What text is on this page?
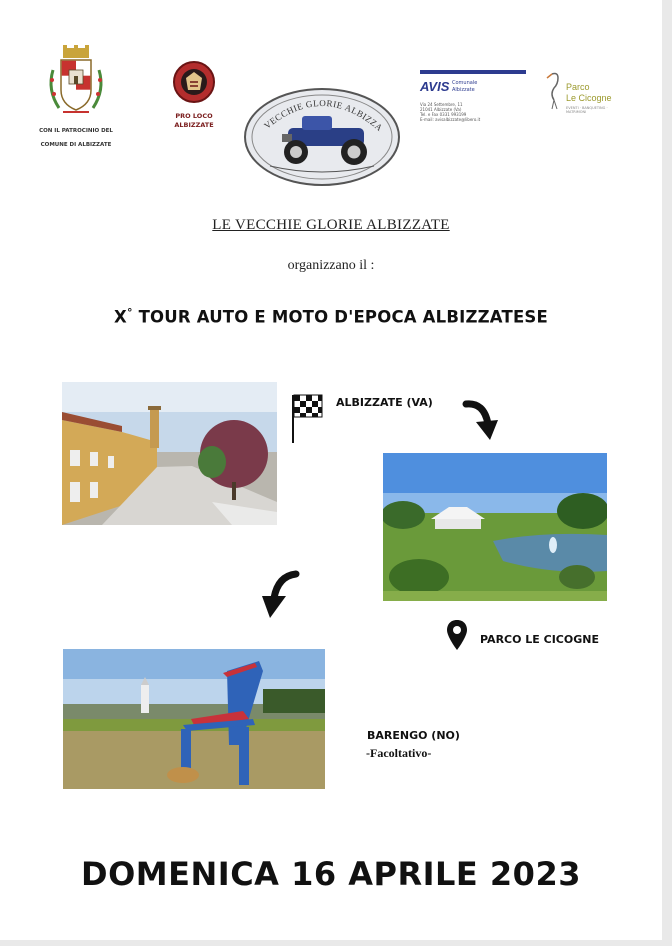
CON IL PATROCINIO DEL
COMUNE DI ALBIZZATE
PRO LOCO
ALBIZZATE	VECCHIE GLORIE ALBIZZA
AVIS Comunale
Albizzate
Via 24 Settembre, 11
21041 Albizzate (Va)
Tel. e Fax 0331 993199
E-mail: avisalbizzate@libero.it
Parco
Le Cicogne
EVENTI · BANQUETING · MATRIMONI
LE VECCHIE GLORIE ALBIZZATE
organizzano il :
X° TOUR AUTO E MOTO D'EPOCA ALBIZZATESE
ALBIZZATE (VA)
PARCO LE CICOGNE
BARENGO (NO)
-Facoltativo-
DOMENICA 16 APRILE 2023
